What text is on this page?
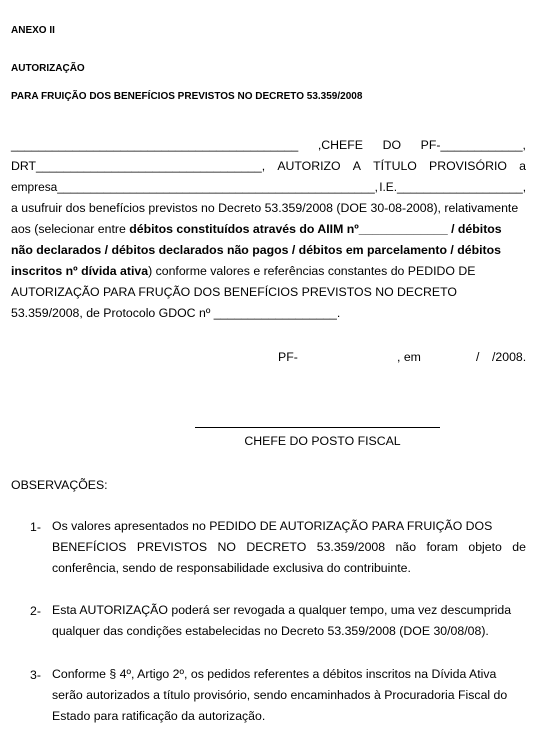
ANEXO II
AUTORIZAÇÃO
PARA FRUIÇÃO DOS BENEFÍCIOS PREVISTOS NO DECRETO 53.359/2008
__________________________________________ ,CHEFE DO PF-____________,
DRT_________________________________, AUTORIZO A TÍTULO PROVISÓRIO a
empresa________________________________________________, I.E.___________________,
a usufruir dos benefícios previstos no Decreto 53.359/2008 (DOE 30-08-2008), relativamente
aos (selecionar entre débitos constituídos através do AIIM nº_____________ / débitos
não declarados / débitos declarados não pagos / débitos em parcelamento / débitos
inscritos nº dívida ativa) conforme valores e referências constantes do PEDIDO DE
AUTORIZAÇÃO PARA FRUÇÃO DOS BENEFÍCIOS PREVISTOS NO DECRETO
53.359/2008, de Protocolo GDOC nº __________________.
PF-	, em	/ /2008.
CHEFE DO POSTO FISCAL
OBSERVAÇÕES:
1- Os valores apresentados no PEDIDO DE AUTORIZAÇÃO PARA FRUIÇÃO DOS
BENEFÍCIOS PREVISTOS NO DECRETO 53.359/2008 não foram objeto de
conferência, sendo de responsabilidade exclusiva do contribuinte.
2- Esta AUTORIZAÇÃO poderá ser revogada a qualquer tempo, uma vez descumprida
qualquer das condições estabelecidas no Decreto 53.359/2008 (DOE 30/08/08).
3- Conforme § 4º, Artigo 2º, os pedidos referentes a débitos inscritos na Dívida Ativa
serão autorizados a título provisório, sendo encaminhados à Procuradoria Fiscal do
Estado para ratificação da autorização.
